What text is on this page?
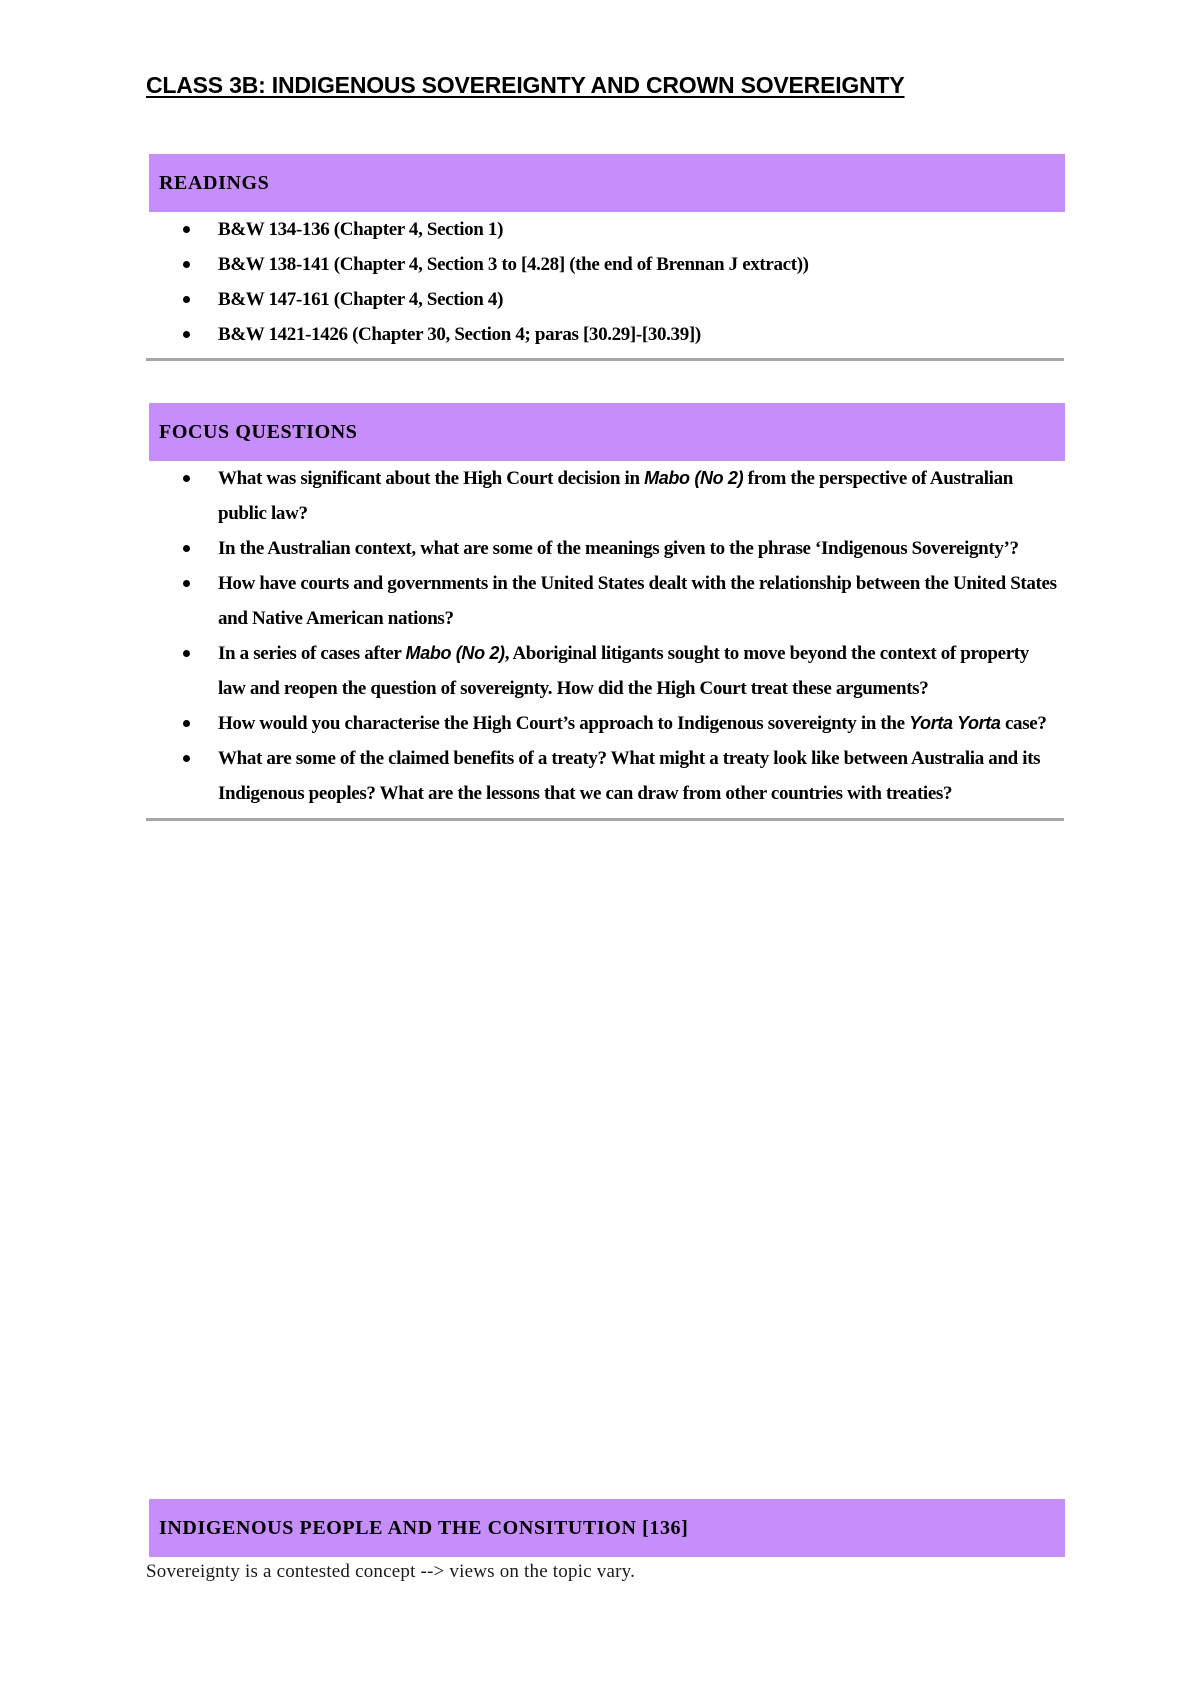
CLASS 3B: INDIGENOUS SOVEREIGNTY AND CROWN SOVEREIGNTY
READINGS
B&W 134-136 (Chapter 4, Section 1)
B&W 138-141 (Chapter 4, Section 3 to [4.28] (the end of Brennan J extract))
B&W 147-161 (Chapter 4, Section 4)
B&W 1421-1426 (Chapter 30, Section 4; paras [30.29]-[30.39])
FOCUS QUESTIONS
What was significant about the High Court decision in Mabo (No 2) from the perspective of Australian public law?
In the Australian context, what are some of the meanings given to the phrase ‘Indigenous Sovereignty’?
How have courts and governments in the United States dealt with the relationship between the United States and Native American nations?
In a series of cases after Mabo (No 2), Aboriginal litigants sought to move beyond the context of property law and reopen the question of sovereignty. How did the High Court treat these arguments?
How would you characterise the High Court’s approach to Indigenous sovereignty in the Yorta Yorta case?
What are some of the claimed benefits of a treaty? What might a treaty look like between Australia and its Indigenous peoples? What are the lessons that we can draw from other countries with treaties?
INDIGENOUS PEOPLE AND THE CONSITUTION [136]

Sovereignty is a contested concept --> views on the topic vary.
